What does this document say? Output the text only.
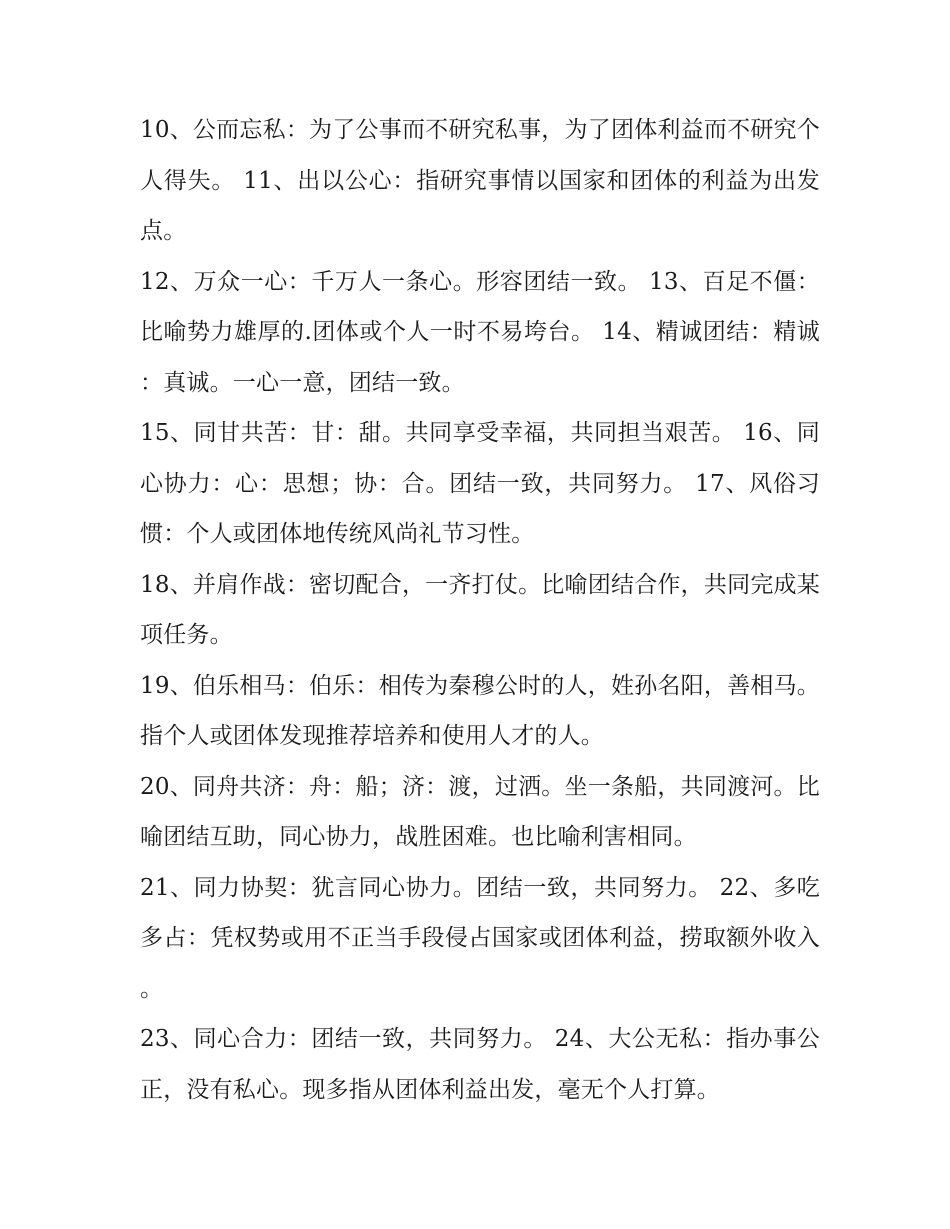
10、公而忘私：为了公事而不研究私事，为了团体利益而不研究个人得失。 11、出以公心：指研究事情以国家和团体的利益为出发点。

12、万众一心：千万人一条心。形容团结一致。 13、百足不僵：比喻势力雄厚的.团体或个人一时不易垮台。 14、精诚团结：精诚：真诚。一心一意，团结一致。

15、同甘共苦：甘：甜。共同享受幸福，共同担当艰苦。 16、同心协力：心：思想；协：合。团结一致，共同努力。 17、风俗习惯：个人或团体地传统风尚礼节习性。

18、并肩作战：密切配合，一齐打仗。比喻团结合作，共同完成某项任务。

19、伯乐相马：伯乐：相传为秦穆公时的人，姓孙名阳，善相马。指个人或团体发现推荐培养和使用人才的人。

20、同舟共济：舟：船；济：渡，过洒。坐一条船，共同渡河。比喻团结互助，同心协力，战胜困难。也比喻利害相同。

21、同力协契：犹言同心协力。团结一致，共同努力。 22、多吃多占：凭权势或用不正当手段侵占国家或团体利益，捞取额外收入。

23、同心合力：团结一致，共同努力。 24、大公无私：指办事公正，没有私心。现多指从团体利益出发，毫无个人打算。
